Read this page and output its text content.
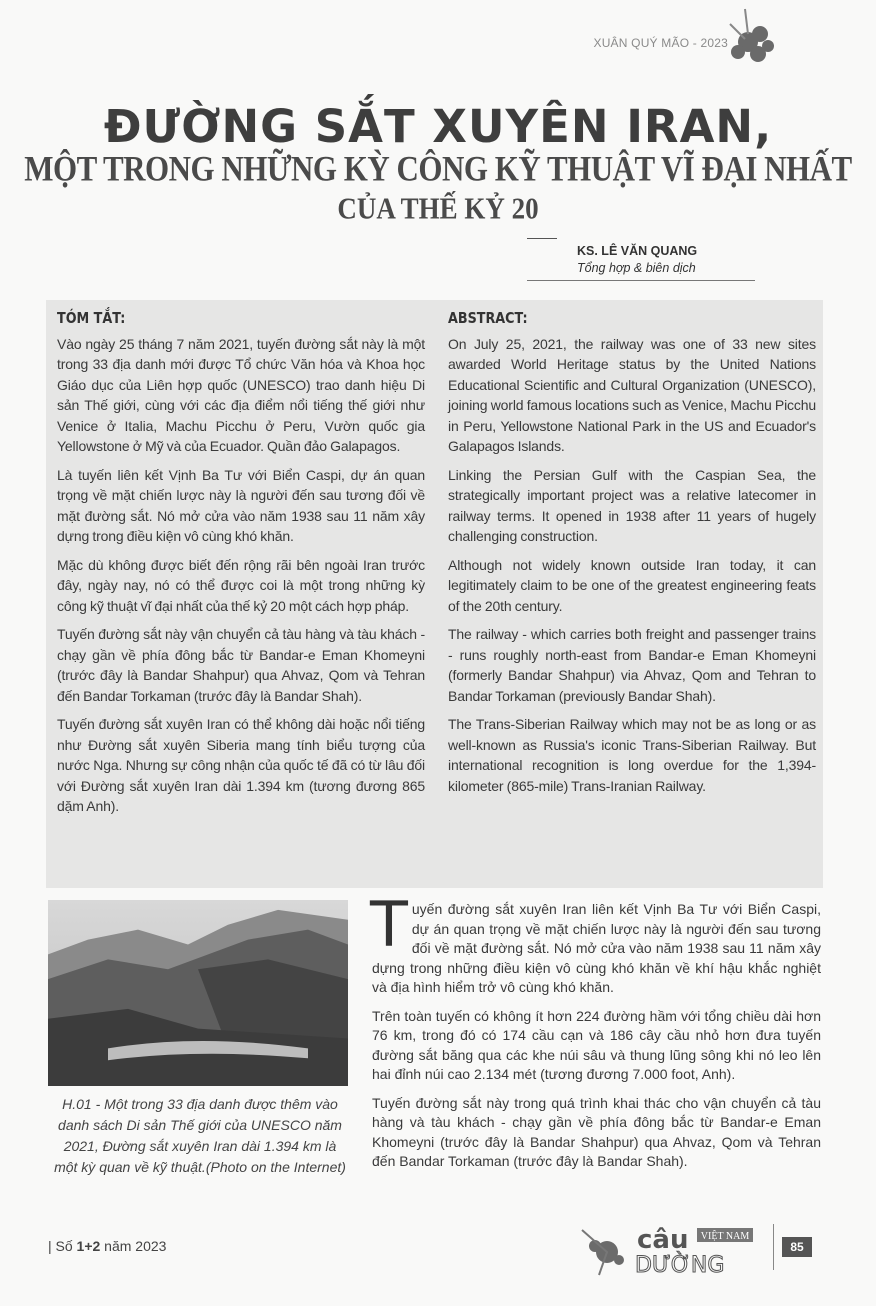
XUÂN QUÝ MÃO - 2023
ĐƯỜNG SẮT XUYÊN IRAN,
MỘT TRONG NHỮNG KỲ CÔNG KỸ THUẬT VĨ ĐẠI NHẤT
CỦA THẾ KỶ 20
KS. LÊ VĂN QUANG
Tổng hợp & biên dịch
TÓM TẮT:

Vào ngày 25 tháng 7 năm 2021, tuyến đường sắt này là một trong 33 địa danh mới được Tổ chức Văn hóa và Khoa học Giáo dục của Liên hợp quốc (UNESCO) trao danh hiệu Di sản Thế giới, cùng với các địa điểm nổi tiếng thế giới như Venice ở Italia, Machu Picchu ở Peru, Vườn quốc gia Yellowstone ở Mỹ và của Ecuador. Quần đảo Galapagos.

Là tuyến liên kết Vịnh Ba Tư với Biển Caspi, dự án quan trọng về mặt chiến lược này là người đến sau tương đối về mặt đường sắt. Nó mở cửa vào năm 1938 sau 11 năm xây dựng trong điều kiện vô cùng khó khăn.

Mặc dù không được biết đến rộng rãi bên ngoài Iran trước đây, ngày nay, nó có thể được coi là một trong những kỳ công kỹ thuật vĩ đại nhất của thế kỷ 20 một cách hợp pháp.

Tuyến đường sắt này vận chuyển cả tàu hàng và tàu khách - chạy gần về phía đông bắc từ Bandar-e Eman Khomeyni (trước đây là Bandar Shahpur) qua Ahvaz, Qom và Tehran đến Bandar Torkaman (trước đây là Bandar Shah).

Tuyến đường sắt xuyên Iran có thể không dài hoặc nổi tiếng như Đường sắt xuyên Siberia mang tính biểu tượng của nước Nga. Nhưng sự công nhận của quốc tế đã có từ lâu đối với Đường sắt xuyên Iran dài 1.394 km (tương đương 865 dặm Anh).

ABSTRACT:

On July 25, 2021, the railway was one of 33 new sites awarded World Heritage status by the United Nations Educational Scientific and Cultural Organization (UNESCO), joining world famous locations such as Venice, Machu Picchu in Peru, Yellowstone National Park in the US and Ecuador's Galapagos Islands.

Linking the Persian Gulf with the Caspian Sea, the strategically important project was a relative latecomer in railway terms. It opened in 1938 after 11 years of hugely challenging construction.

Although not widely known outside Iran today, it can legitimately claim to be one of the greatest engineering feats of the 20th century.

The railway - which carries both freight and passenger trains - runs roughly north-east from Bandar-e Eman Khomeyni (formerly Bandar Shahpur) via Ahvaz, Qom and Tehran to Bandar Torkaman (previously Bandar Shah).

The Trans-Siberian Railway which may not be as long or as well-known as Russia's iconic Trans-Siberian Railway. But international recognition is long overdue for the 1,394-kilometer (865-mile) Trans-Iranian Railway.

H.01 - Một trong 33 địa danh được thêm vào danh sách Di sản Thế giới của UNESCO năm 2021, Đường sắt xuyên Iran dài 1.394 km là một kỳ quan về kỹ thuật.(Photo on the Internet)

Tuyến đường sắt xuyên Iran liên kết Vịnh Ba Tư với Biển Caspi, dự án quan trọng về mặt chiến lược này là người đến sau tương đối về mặt đường sắt. Nó mở cửa vào năm 1938 sau 11 năm xây dựng trong những điều kiện vô cùng khó khăn về khí hậu khắc nghiệt và địa hình hiểm trở vô cùng khó khăn.

Trên toàn tuyến có không ít hơn 224 đường hầm với tổng chiều dài hơn 76 km, trong đó có 174 cầu cạn và 186 cây cầu nhỏ hơn đưa tuyến đường sắt băng qua các khe núi sâu và thung lũng sông khi nó leo lên hai đỉnh núi cao 2.134 mét (tương đương 7.000 foot, Anh).

Tuyến đường sắt này trong quá trình khai thác cho vận chuyển cả tàu hàng và tàu khách - chạy gần về phía đông bắc từ Bandar-e Eman Khomeyni (trước đây là Bandar Shahpur) qua Ahvaz, Qom và Tehran đến Bandar Torkaman (trước đây là Bandar Shah).

| Số 1+2 năm 2023	câu VIỆT NAM
DƯỜNG
85
